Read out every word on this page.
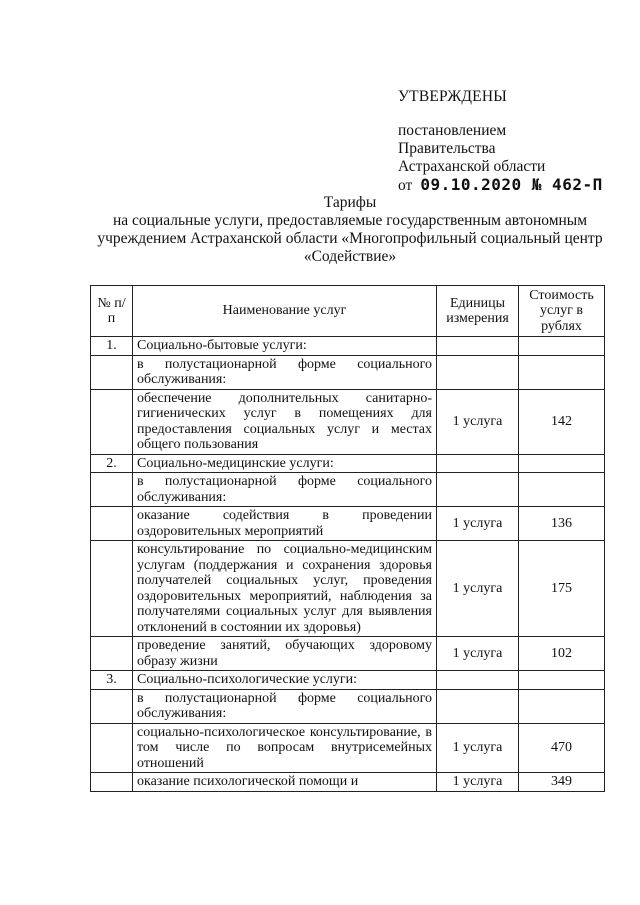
УТВЕРЖДЕНЫ
постановлением
Правительства
Астраханской области
от 09.10.2020 № 462-П
Тарифы
на социальные услуги, предоставляемые государственным автономным
учреждением Астраханской области «Многопрофильный социальный центр
«Содействие»
№ п/п	Наименование услуг	Единицы измерения	Стоимость услуг в рублях
1.	Социально-бытовые услуги:		
	в полустационарной форме социального обслуживания:		
	обеспечение дополнительных санитарно-гигиенических услуг в помещениях для предоставления социальных услуг и местах общего пользования	1 услуга	142
2.	Социально-медицинские услуги:		
	в полустационарной форме социального обслуживания:		
	оказание содействия в проведении оздоровительных мероприятий	1 услуга	136
	консультирование по социально-медицинским услугам (поддержания и сохранения здоровья получателей социальных услуг, проведения оздоровительных мероприятий, наблюдения за получателями социальных услуг для выявления отклонений в состоянии их здоровья)	1 услуга	175
	проведение занятий, обучающих здоровому образу жизни	1 услуга	102
3.	Социально-психологические услуги:		
	в полустационарной форме социального обслуживания:		
	социально-психологическое консультирование, в том числе по вопросам внутрисемейных отношений	1 услуга	470
	оказание психологической помощи и	1 услуга	349
